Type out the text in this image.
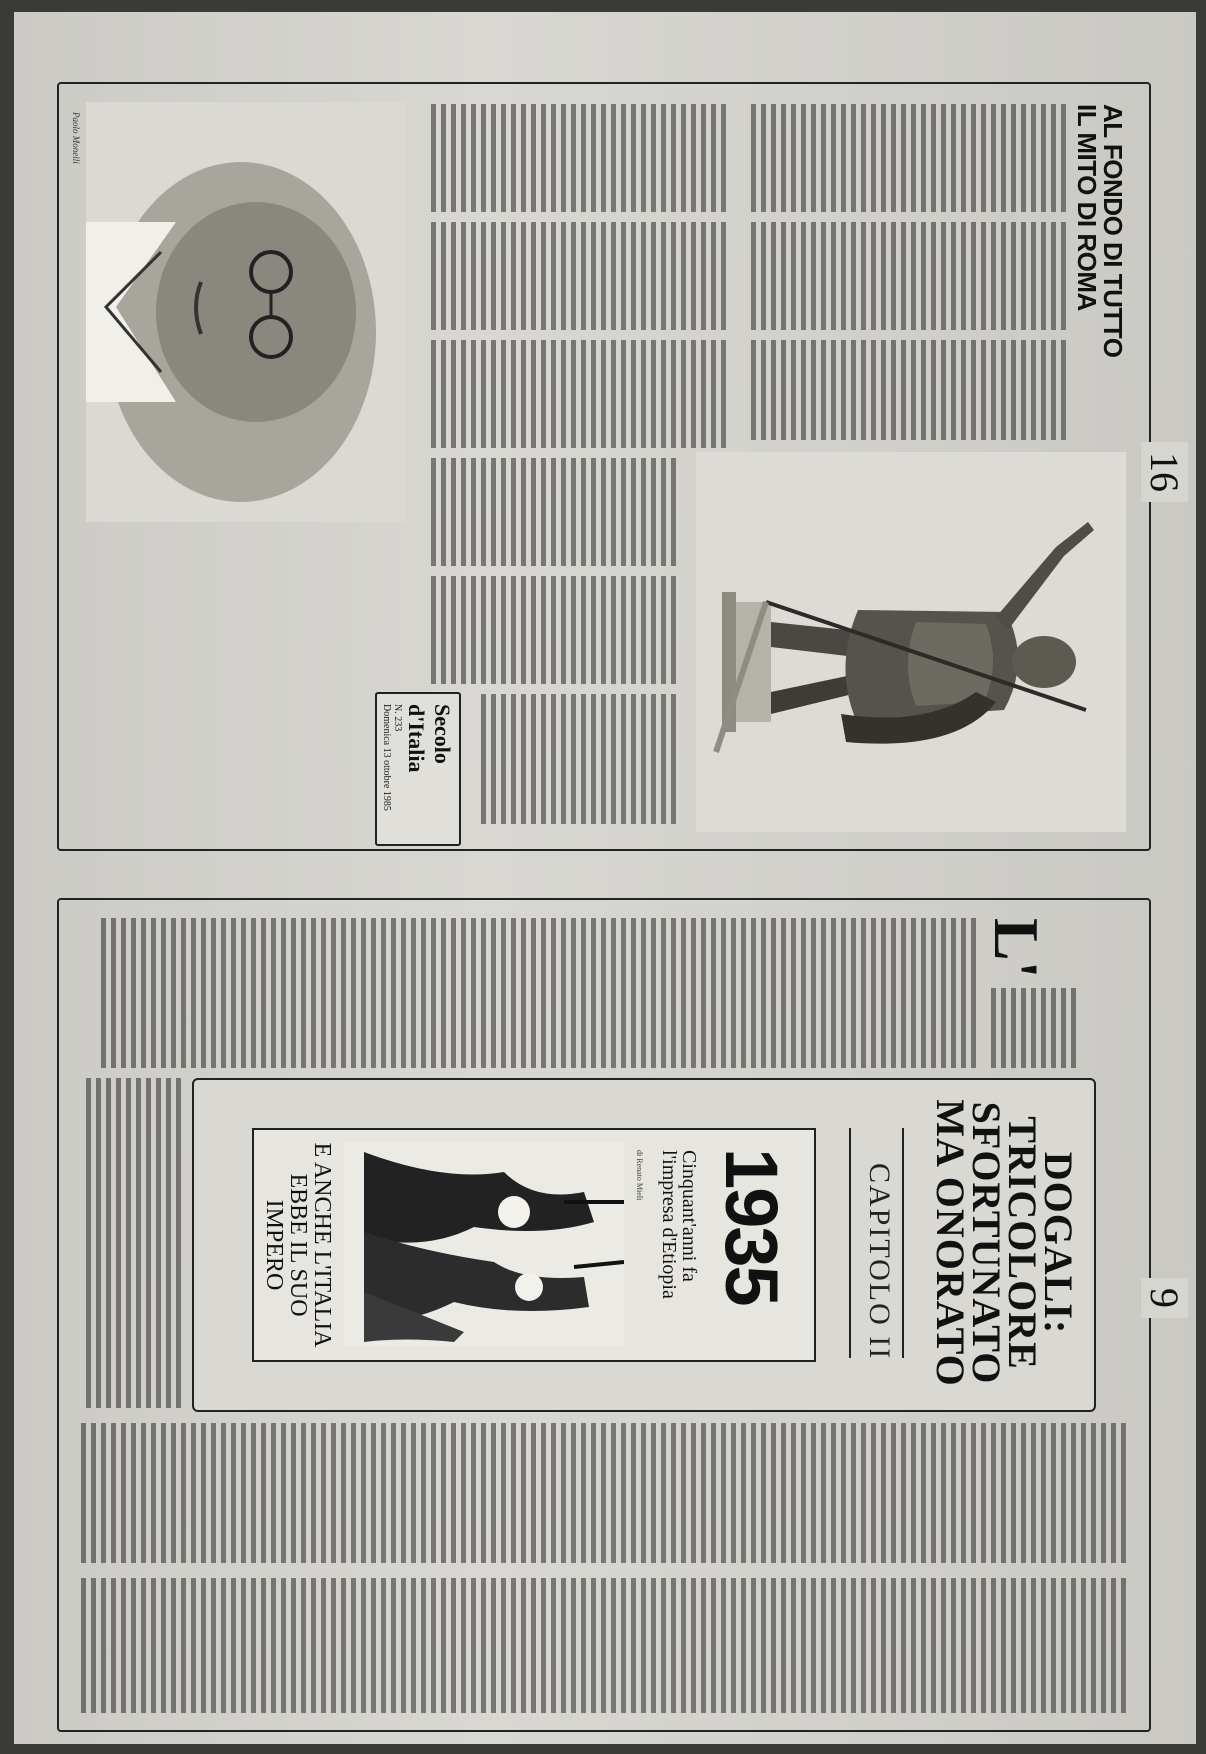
16
AL FONDO DI TUTTO
IL MITO DI ROMA
Paolo Monelli
Secolo d'Italia
N. 233
Domenica 13 ottobre 1985
9
DOGALI:
TRICOLORE
SFORTUNATO
MA ONORATO
CAPITOLO II
1935
Cinquant'anni fa
l'impresa d'Etiopia
di Renato Mieli
E ANCHE L'ITALIA
EBBE IL SUO IMPERO
L'
